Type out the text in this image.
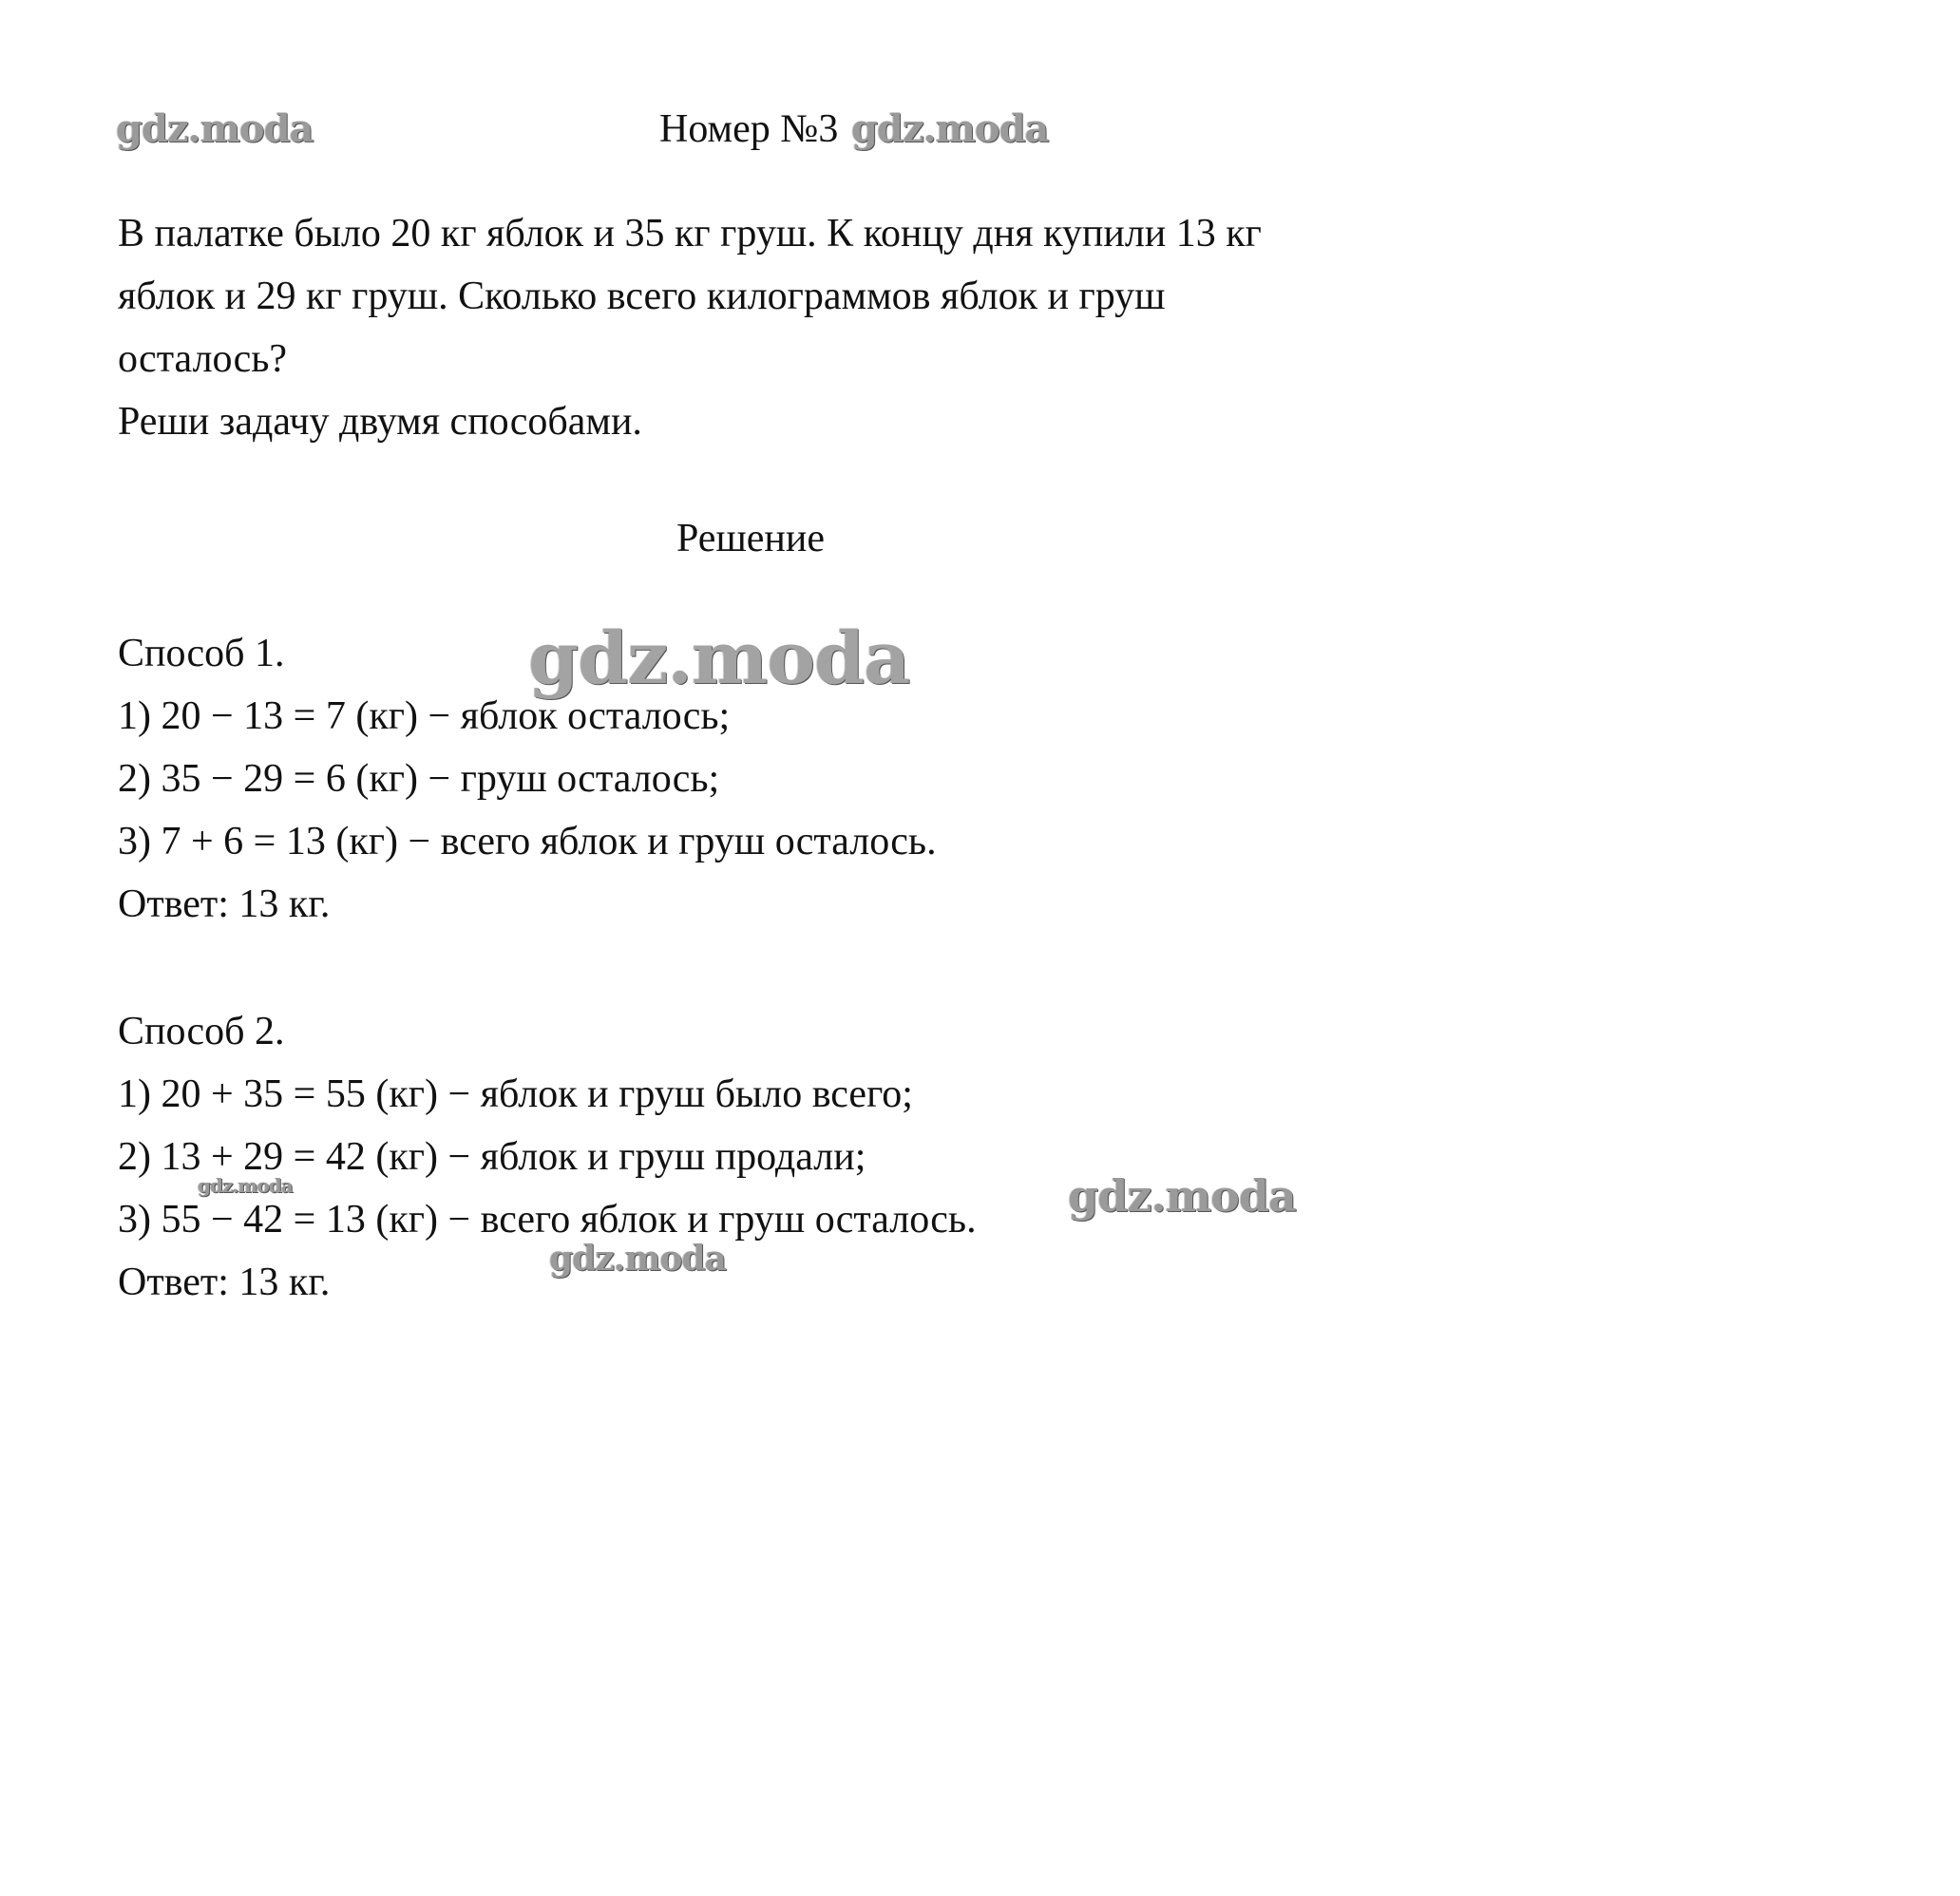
gdz.moda	Номер №3 gdz.moda
В палатке было 20 кг яблок и 35 кг груш. К концу дня купили 13 кг
яблок и 29 кг груш. Сколько всего килограммов яблок и груш
осталось?
Реши задачу двумя способами.
Решение
Способ 1.
1) 20 − 13 = 7 (кг) − яблок осталось;
2) 35 − 29 = 6 (кг) − груш осталось;
3) 7 + 6 = 13 (кг) − всего яблок и груш осталось.
Ответ: 13 кг.
Способ 2.
1) 20 + 35 = 55 (кг) − яблок и груш было всего;
2) 13 + 29 = 42 (кг) − яблок и груш продали;
3) 55 − 42 = 13 (кг) − всего яблок и груш осталось.
Ответ: 13 кг.
gdz.moda
gdz.moda	gdz.moda
gdz.moda
